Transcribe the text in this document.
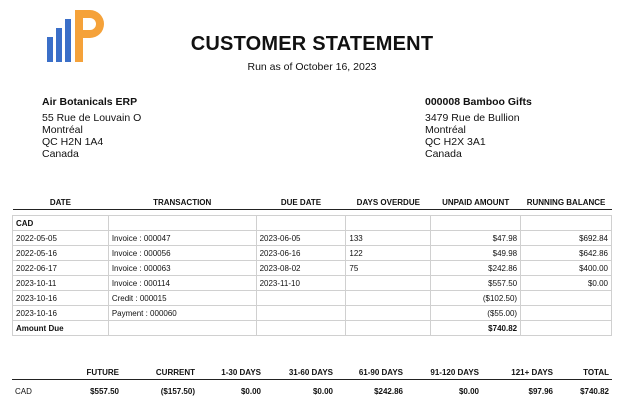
CUSTOMER STATEMENT
Run as of October 16, 2023
Air Botanicals ERP
55 Rue de Louvain O
Montréal
QC H2N 1A4
Canada
000008 Bamboo Gifts
3479 Rue de Bullion
Montréal
QC H2X 3A1
Canada
DATE	TRANSACTION	DUE DATE	DAYS OVERDUE	UNPAID AMOUNT	RUNNING BALANCE

CAD					
2022-05-05	Invoice : 000047	2023-06-05	133	$47.98	$692.84
2022-05-16	Invoice : 000056	2023-06-16	122	$49.98	$642.86
2022-06-17	Invoice : 000063	2023-08-02	75	$242.86	$400.00
2023-10-11	Invoice : 000114	2023-11-10		$557.50	$0.00
2023-10-16	Credit : 000015			($102.50)	
2023-10-16	Payment : 000060			($55.00)	
Amount Due				$740.82	
	FUTURE	CURRENT	1-30 DAYS	31-60 DAYS	61-90 DAYS	91-120 DAYS	121+ DAYS	TOTAL
CAD	$557.50	($157.50)	$0.00	$0.00	$242.86	$0.00	$97.96	$740.82
